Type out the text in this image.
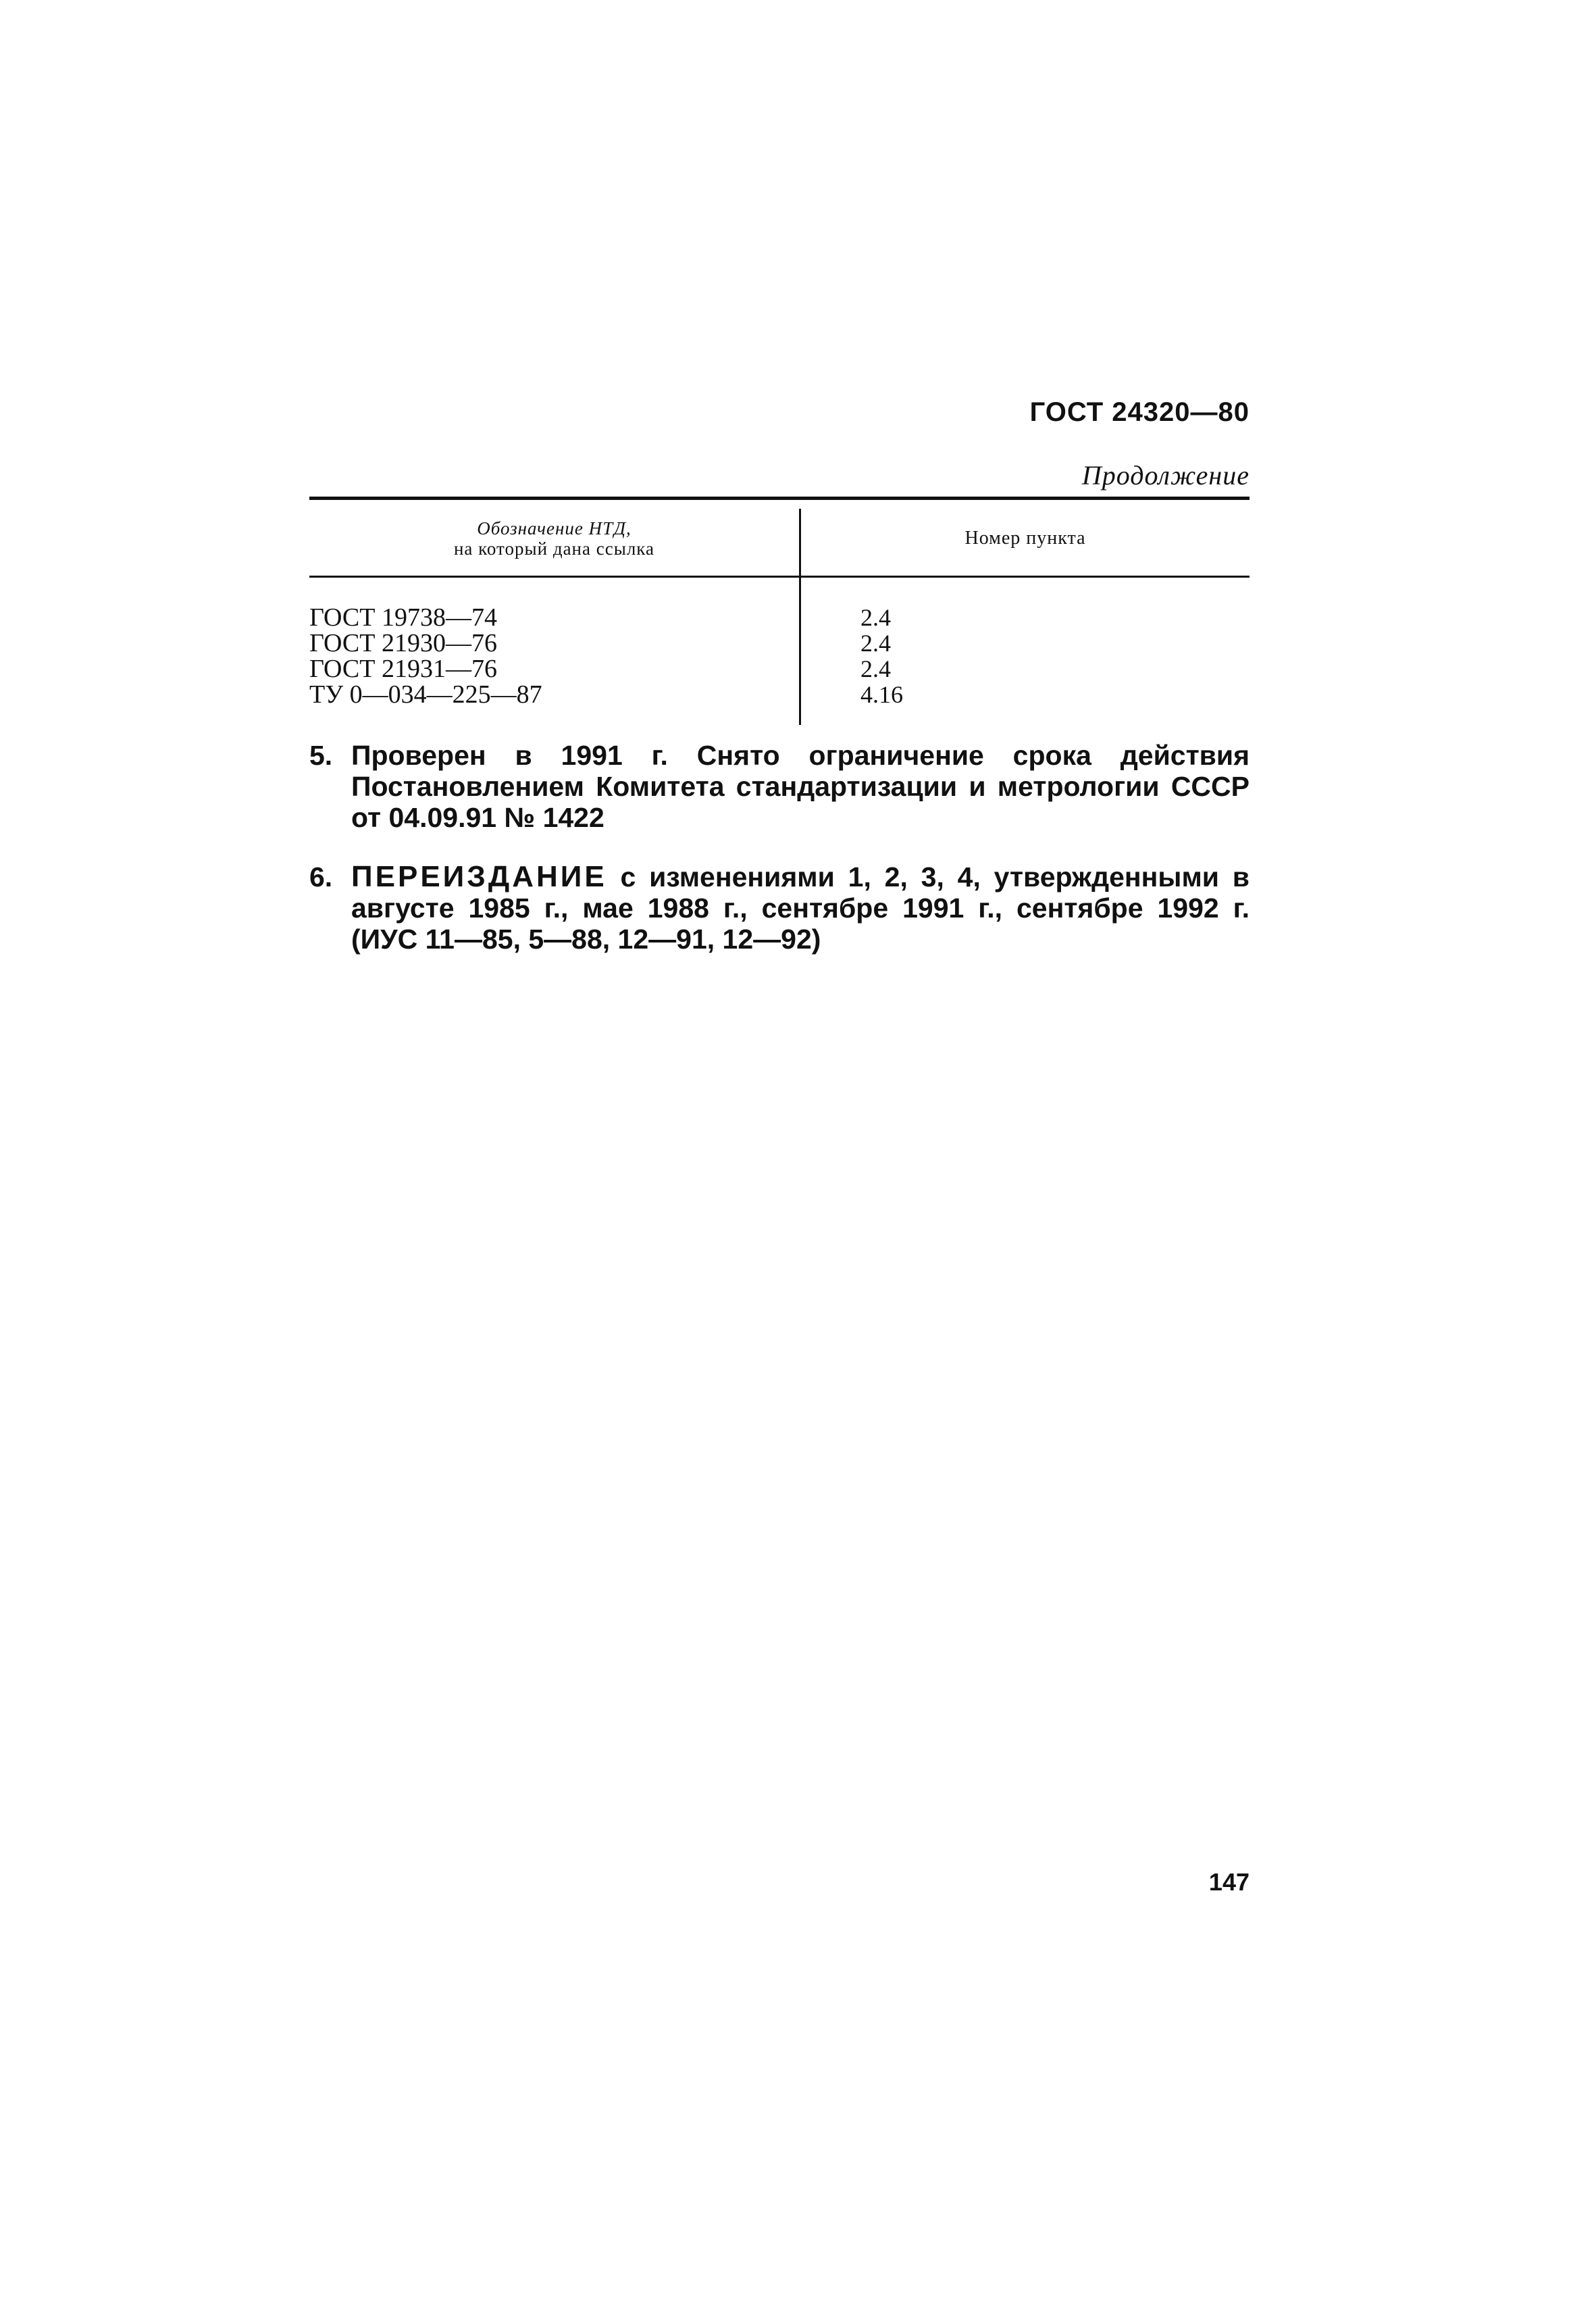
ГОСТ 24320—80
Продолжение
Обозначение НТД,
на который дана ссылка	Номер пункта
ГОСТ 19738—74
ГОСТ 21930—76
ГОСТ 21931—76
ТУ 0—034—225—87
2.4
2.4
2.4
4.16
5. Проверен в 1991 г. Снято ограничение срока действия Постановлением Комитета стандартизации и метрологии СССР от 04.09.91 № 1422
6. ПЕРЕИЗДАНИЕ с изменениями 1, 2, 3, 4, утвержденными в августе 1985 г., мае 1988 г., сентябре 1991 г., сентябре 1992 г. (ИУС 11—85, 5—88, 12—91, 12—92)
147
